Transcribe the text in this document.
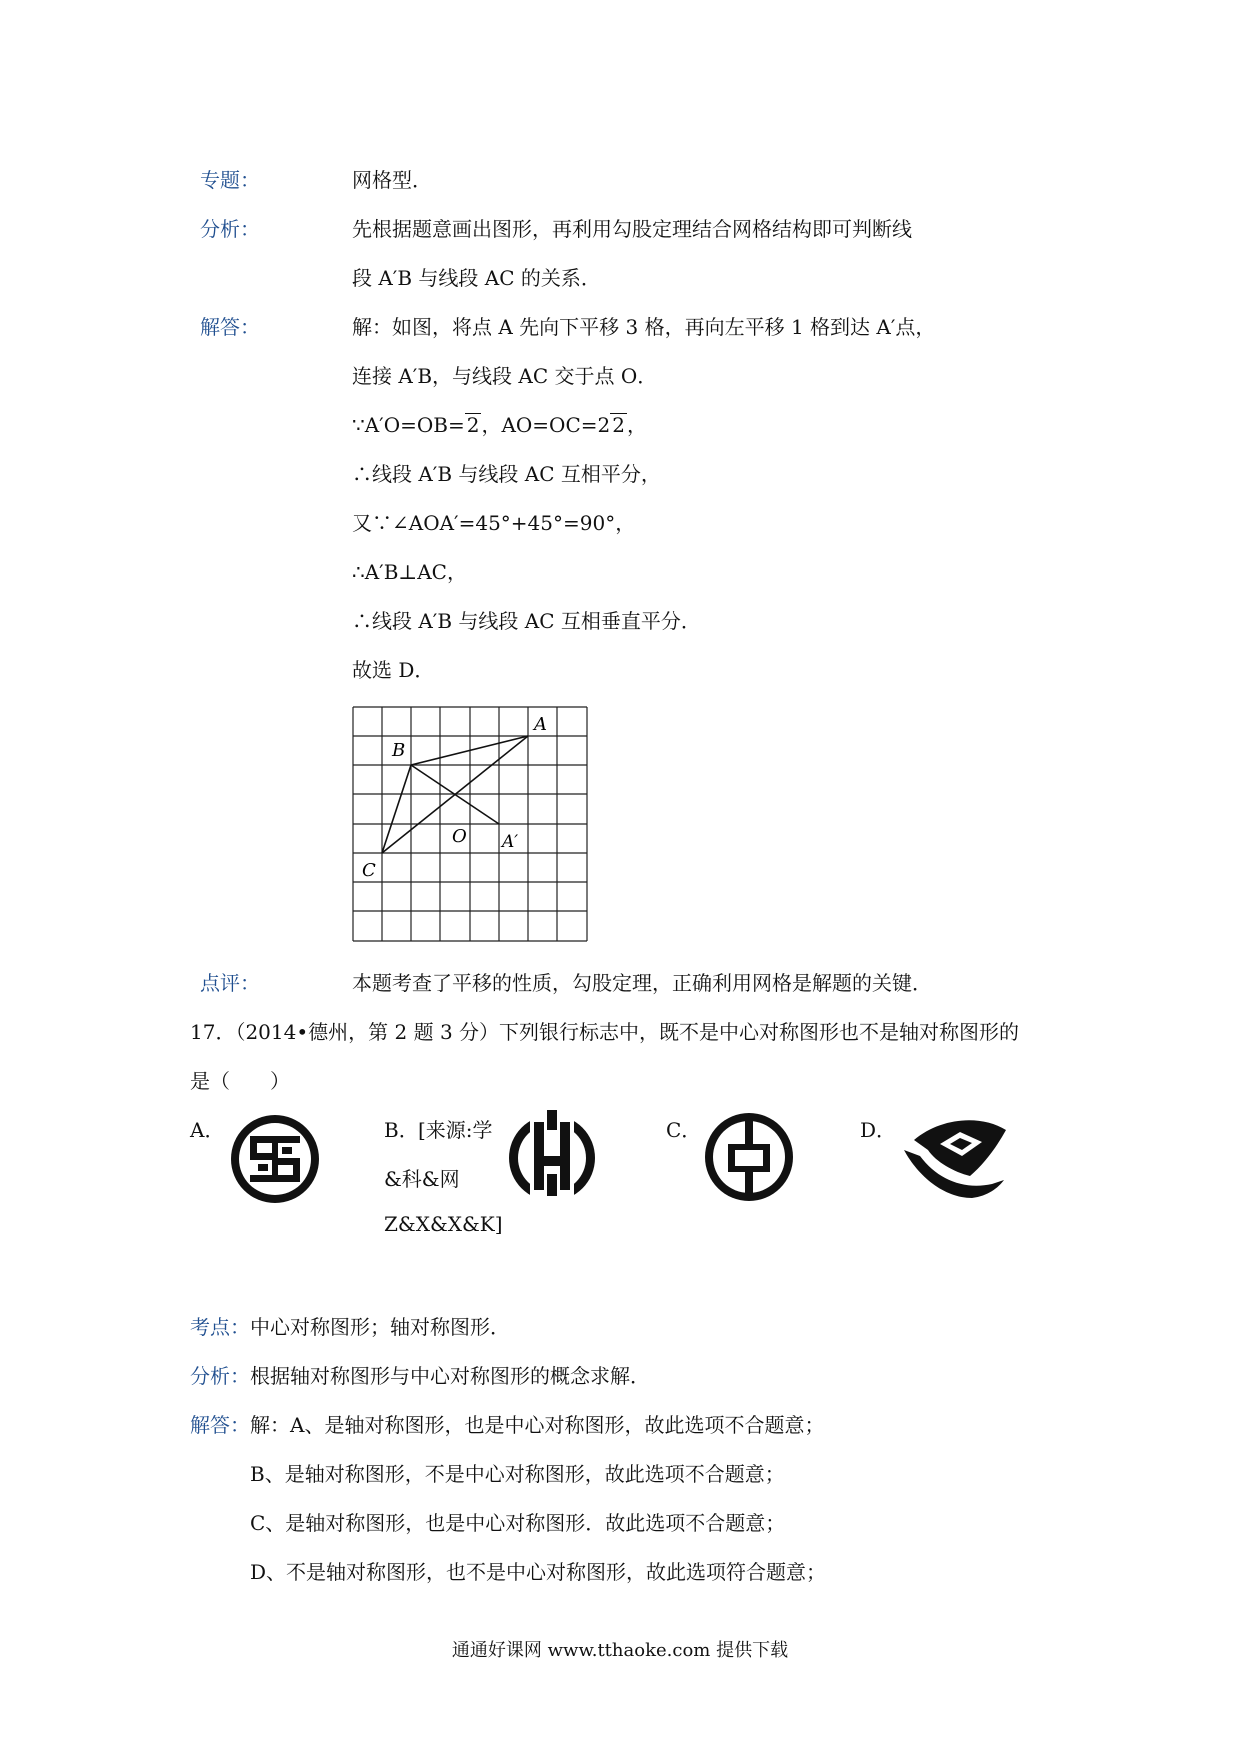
专题：	网格型．
分析：	先根据题意画出图形，再利用勾股定理结合网格结构即可判断线
段 A′B 与线段 AC 的关系．
解答：	解：如图，将点 A 先向下平移 3 格，再向左平移 1 格到达 A′点，
连接 A′B，与线段 AC 交于点 O．
∵A′O=OB= 2 ，AO=OC=2 2 ，
∴线段 A′B 与线段 AC 互相平分，
又∵∠AOA′=45°+45°=90°，
∴A′B⊥AC，
∴线段 A′B 与线段 AC 互相垂直平分．
故选 D．
A
B
C
O A′
点评：	本题考查了平移的性质，勾股定理，正确利用网格是解题的关键．
17．（2014•德州，第 2 题 3 分）下列银行标志中，既不是中心对称图形也不是轴对称图形的
是（　　）
A．	B． [来源:学
&科&网
Z&X&X&K]
C．	D．
考点：中心对称图形；轴对称图形．
分析：根据轴对称图形与中心对称图形的概念求解．
解答：解：A、是轴对称图形，也是中心对称图形，故此选项不合题意；
B、是轴对称图形，不是中心对称图形，故此选项不合题意；
C、是轴对称图形，也是中心对称图形．故此选项不合题意；
D、不是轴对称图形，也不是中心对称图形，故此选项符合题意；
通通好课网 www.tthaoke.com 提供下载
